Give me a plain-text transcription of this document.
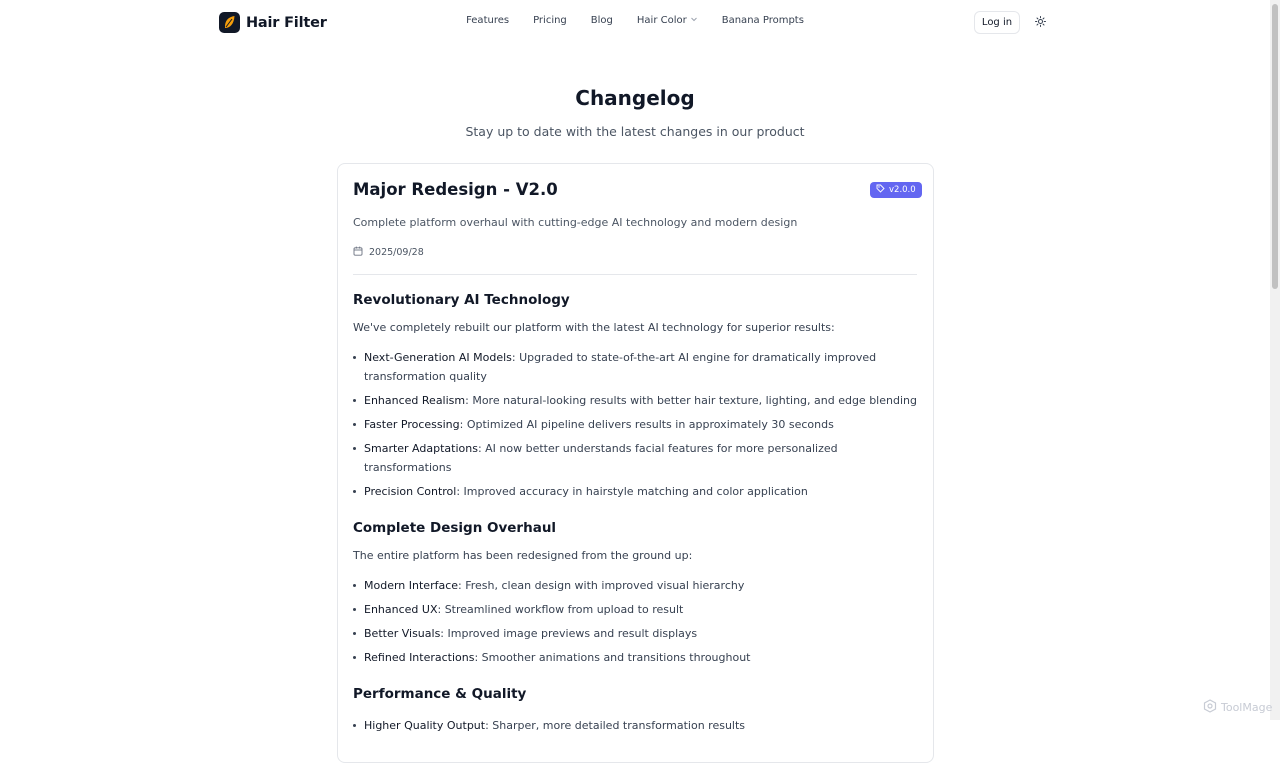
Hair Filter	Features Pricing Blog Hair Color	Banana Prompts	Log in
Changelog

Stay up to date with the latest changes in our product

Major Redesign - V2.0	v2.0.0

Complete platform overhaul with cutting-edge AI technology and modern design

2025/09/28
Revolutionary AI Technology

We've completely rebuilt our platform with the latest AI technology for superior results:

Next-Generation AI Models: Upgraded to state-of-the-art AI engine for dramatically improved transformation quality
Enhanced Realism: More natural-looking results with better hair texture, lighting, and edge blending
Faster Processing: Optimized AI pipeline delivers results in approximately 30 seconds
Smarter Adaptations: AI now better understands facial features for more personalized transformations
Precision Control: Improved accuracy in hairstyle matching and color application
Complete Design Overhaul

The entire platform has been redesigned from the ground up:

Modern Interface: Fresh, clean design with improved visual hierarchy
Enhanced UX: Streamlined workflow from upload to result
Better Visuals: Improved image previews and result displays
Refined Interactions: Smoother animations and transitions throughout
Performance & Quality
Higher Quality Output: Sharper, more detailed transformation results
ToolMage
